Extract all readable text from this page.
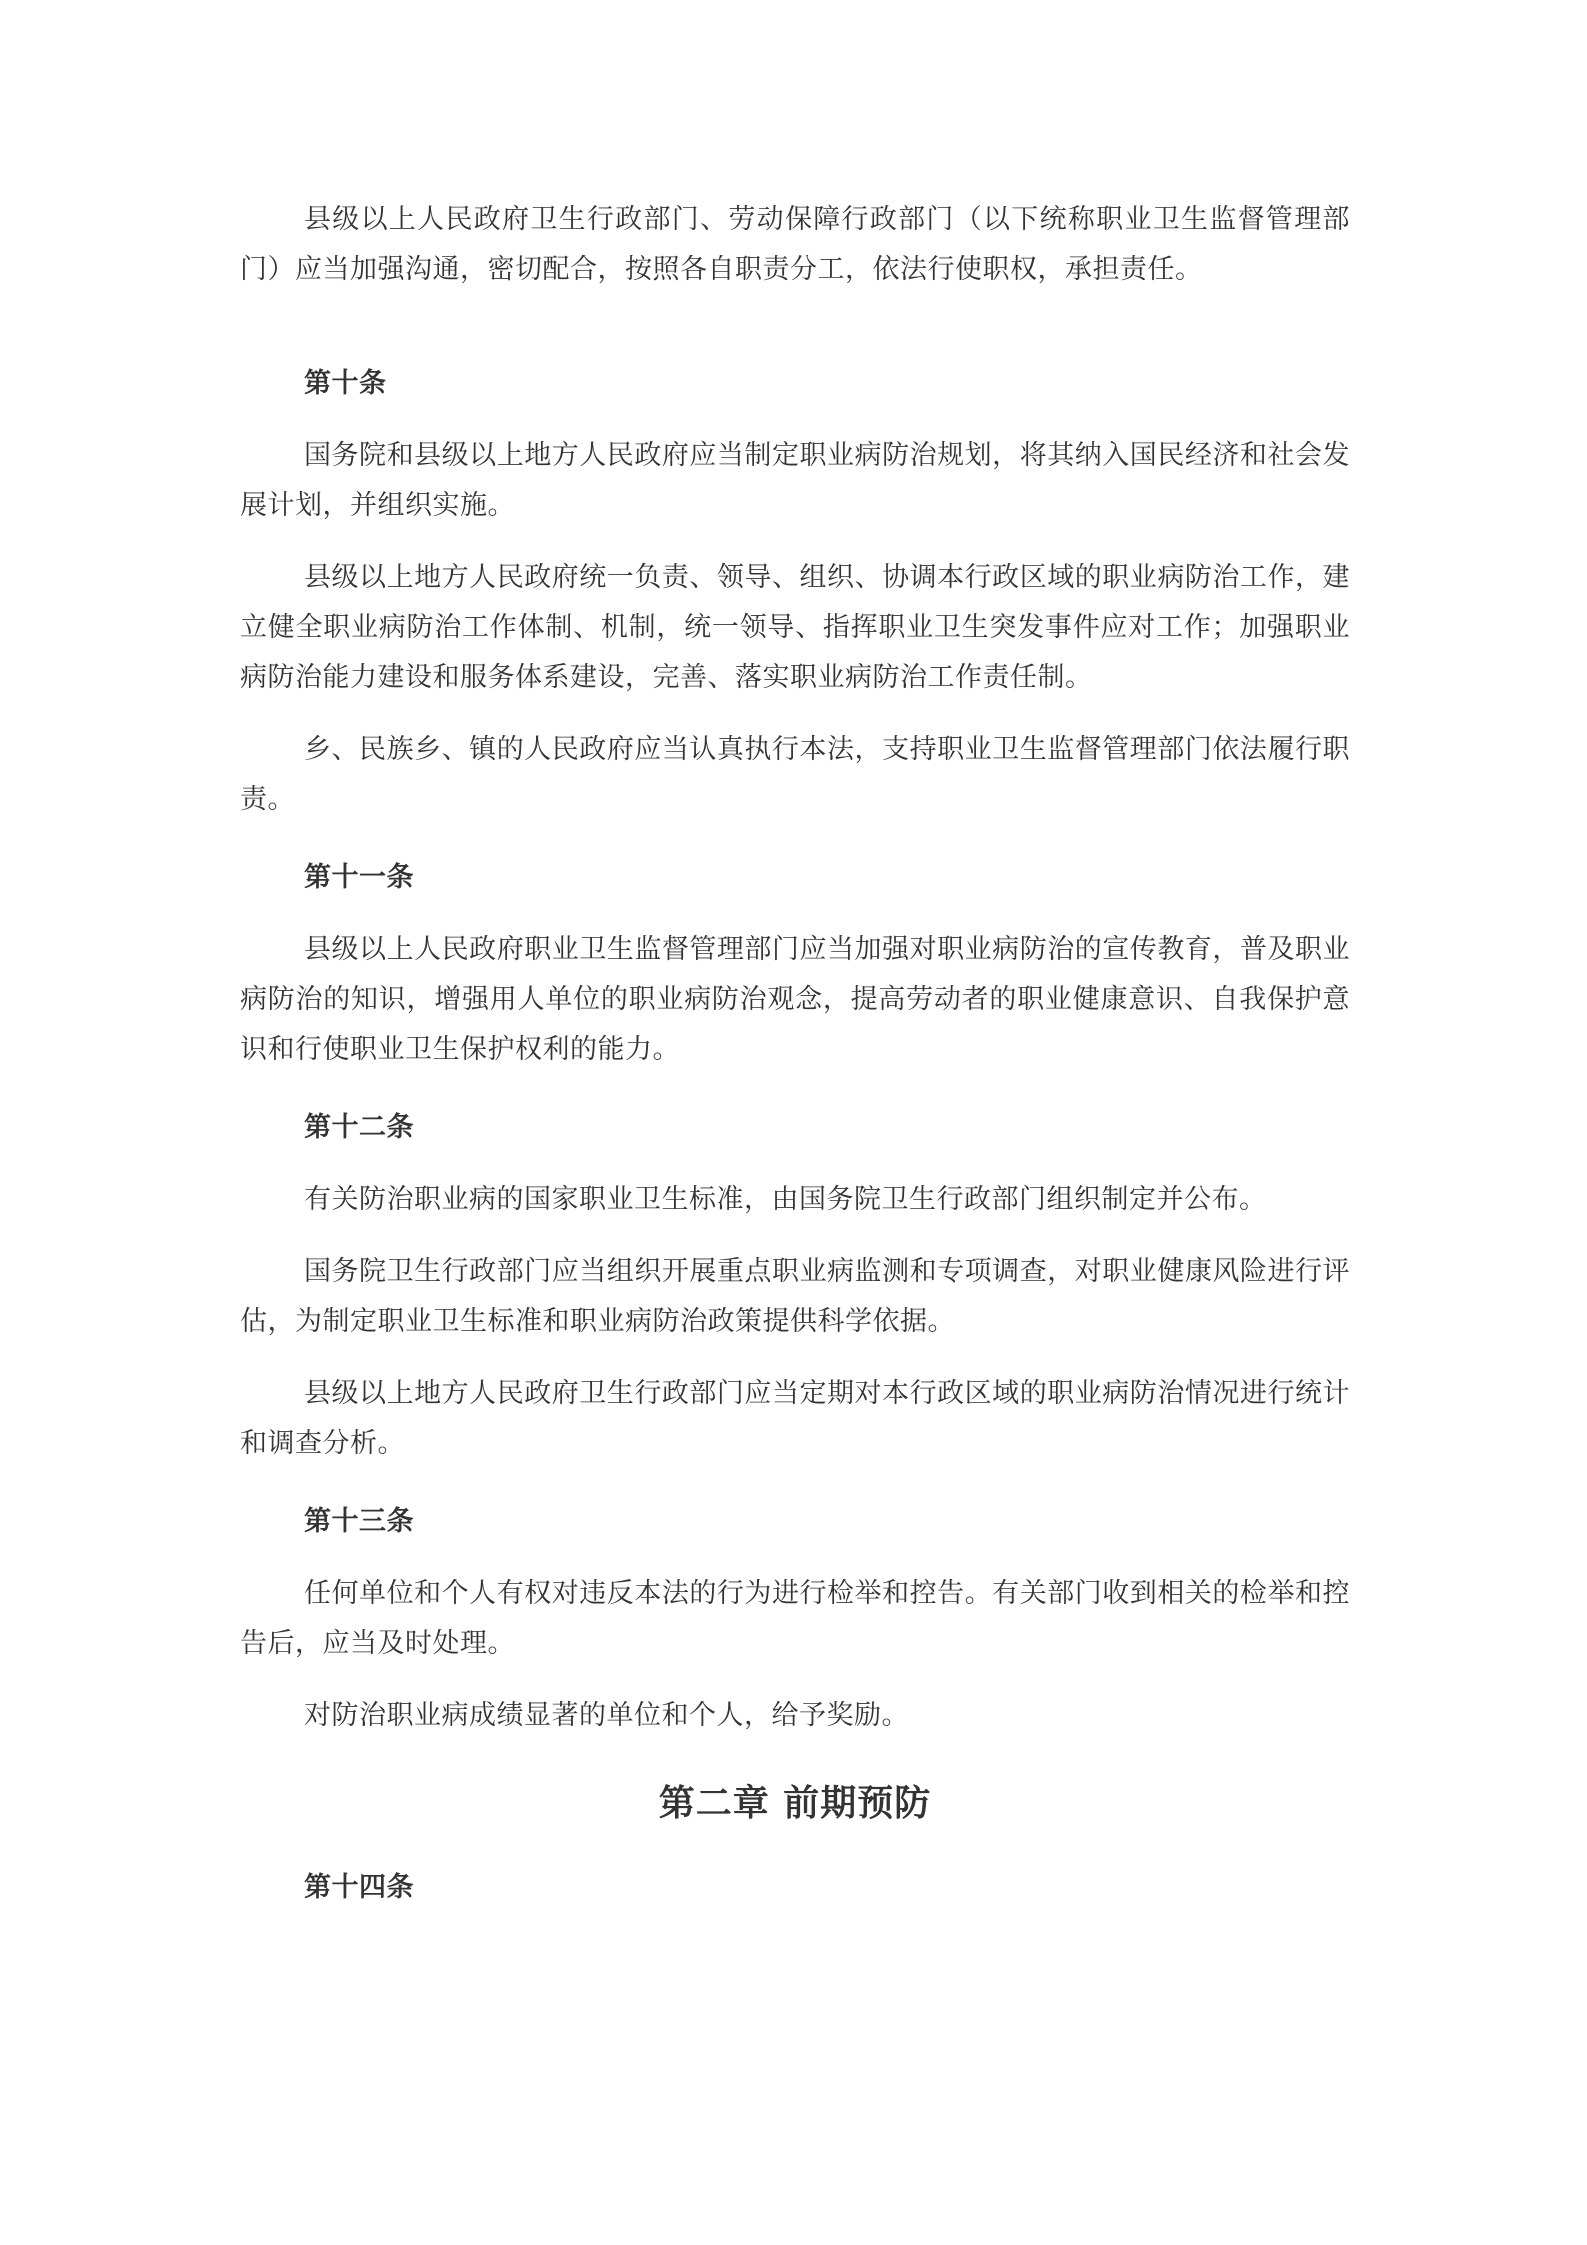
县级以上人民政府卫生行政部门、劳动保障行政部门（以下统称职业卫生监督管理部门）应当加强沟通，密切配合，按照各自职责分工，依法行使职权，承担责任。

第十条

国务院和县级以上地方人民政府应当制定职业病防治规划，将其纳入国民经济和社会发展计划，并组织实施。

县级以上地方人民政府统一负责、领导、组织、协调本行政区域的职业病防治工作，建立健全职业病防治工作体制、机制，统一领导、指挥职业卫生突发事件应对工作；加强职业病防治能力建设和服务体系建设，完善、落实职业病防治工作责任制。

乡、民族乡、镇的人民政府应当认真执行本法，支持职业卫生监督管理部门依法履行职责。

第十一条

县级以上人民政府职业卫生监督管理部门应当加强对职业病防治的宣传教育，普及职业病防治的知识，增强用人单位的职业病防治观念，提高劳动者的职业健康意识、自我保护意识和行使职业卫生保护权利的能力。

第十二条

有关防治职业病的国家职业卫生标准，由国务院卫生行政部门组织制定并公布。

国务院卫生行政部门应当组织开展重点职业病监测和专项调查，对职业健康风险进行评估，为制定职业卫生标准和职业病防治政策提供科学依据。

县级以上地方人民政府卫生行政部门应当定期对本行政区域的职业病防治情况进行统计和调查分析。

第十三条

任何单位和个人有权对违反本法的行为进行检举和控告。有关部门收到相关的检举和控告后，应当及时处理。

对防治职业病成绩显著的单位和个人，给予奖励。

第二章 前期预防

第十四条
